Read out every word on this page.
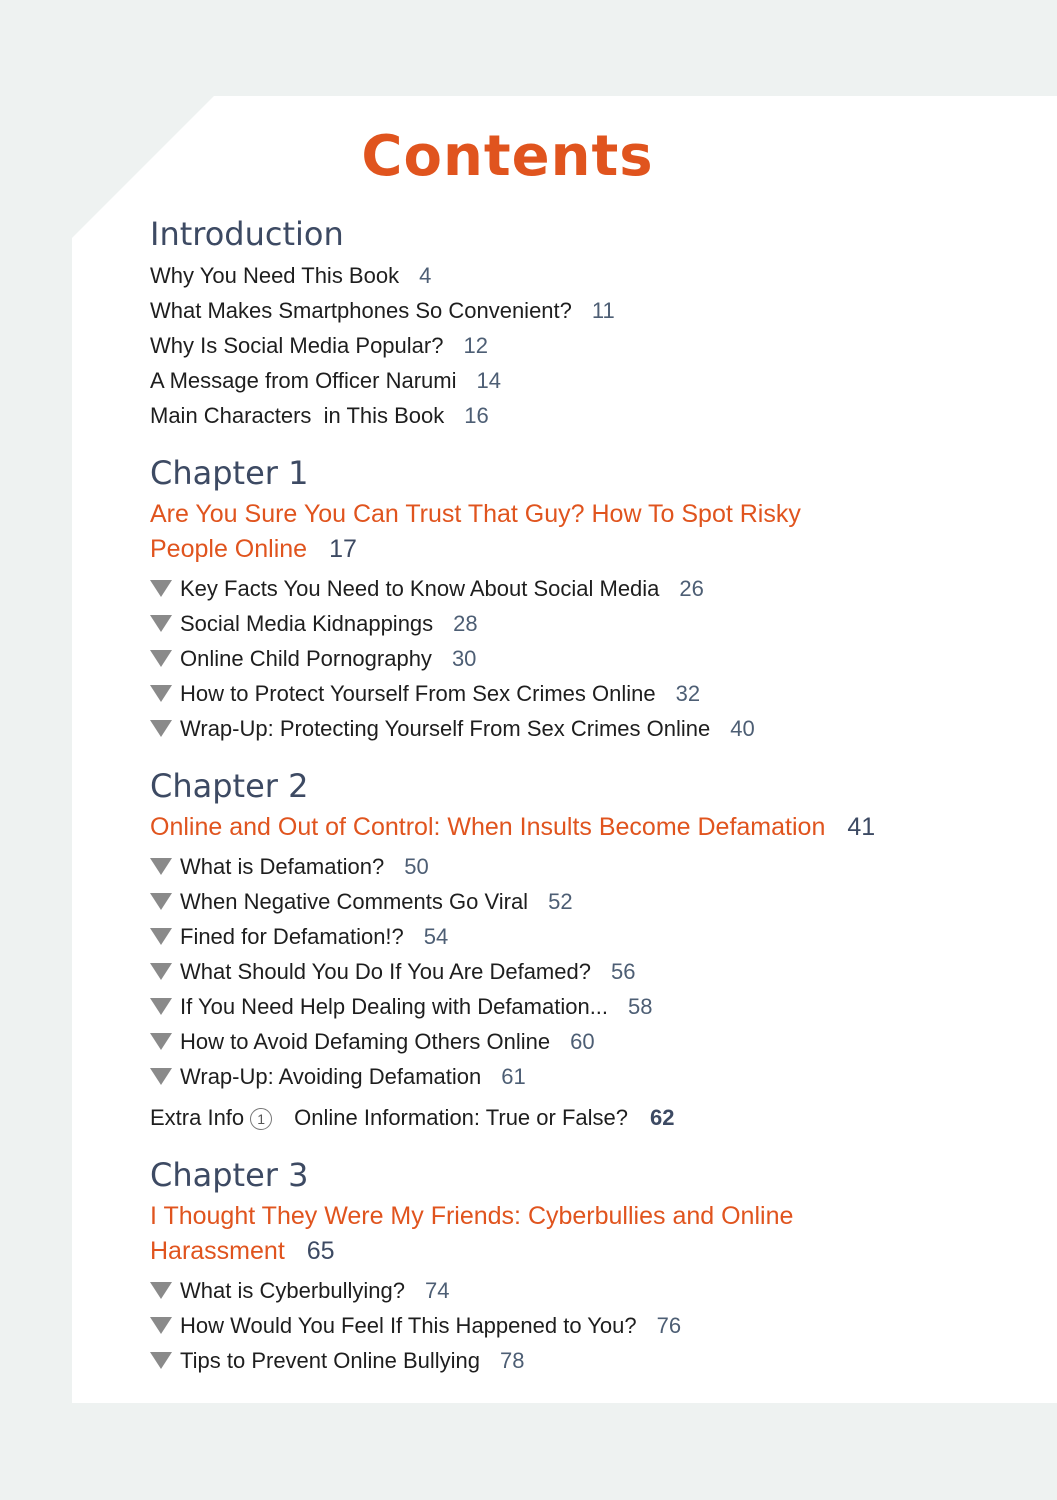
Contents
Introduction
Why You Need This Book 4
What Makes Smartphones So Convenient? 11
Why Is Social Media Popular? 12
A Message from Officer Narumi 14
Main Characters  in This Book 16
Chapter 1
Are You Sure You Can Trust That Guy? How To Spot Risky
People Online 17
Key Facts You Need to Know About Social Media 26
Social Media Kidnappings 28
Online Child Pornography 30
How to Protect Yourself From Sex Crimes Online 32
Wrap-Up: Protecting Yourself From Sex Crimes Online 40
Chapter 2
Online and Out of Control: When Insults Become Defamation 41
What is Defamation? 50
When Negative Comments Go Viral 52
Fined for Defamation!? 54
What Should You Do If You Are Defamed? 56
If You Need Help Dealing with Defamation... 58
How to Avoid Defaming Others Online 60
Wrap-Up: Avoiding Defamation 61
Extra Info 1 Online Information: True or False? 62
Chapter 3
I Thought They Were My Friends: Cyberbullies and Online
Harassment 65
What is Cyberbullying? 74
How Would You Feel If This Happened to You? 76
Tips to Prevent Online Bullying 78
